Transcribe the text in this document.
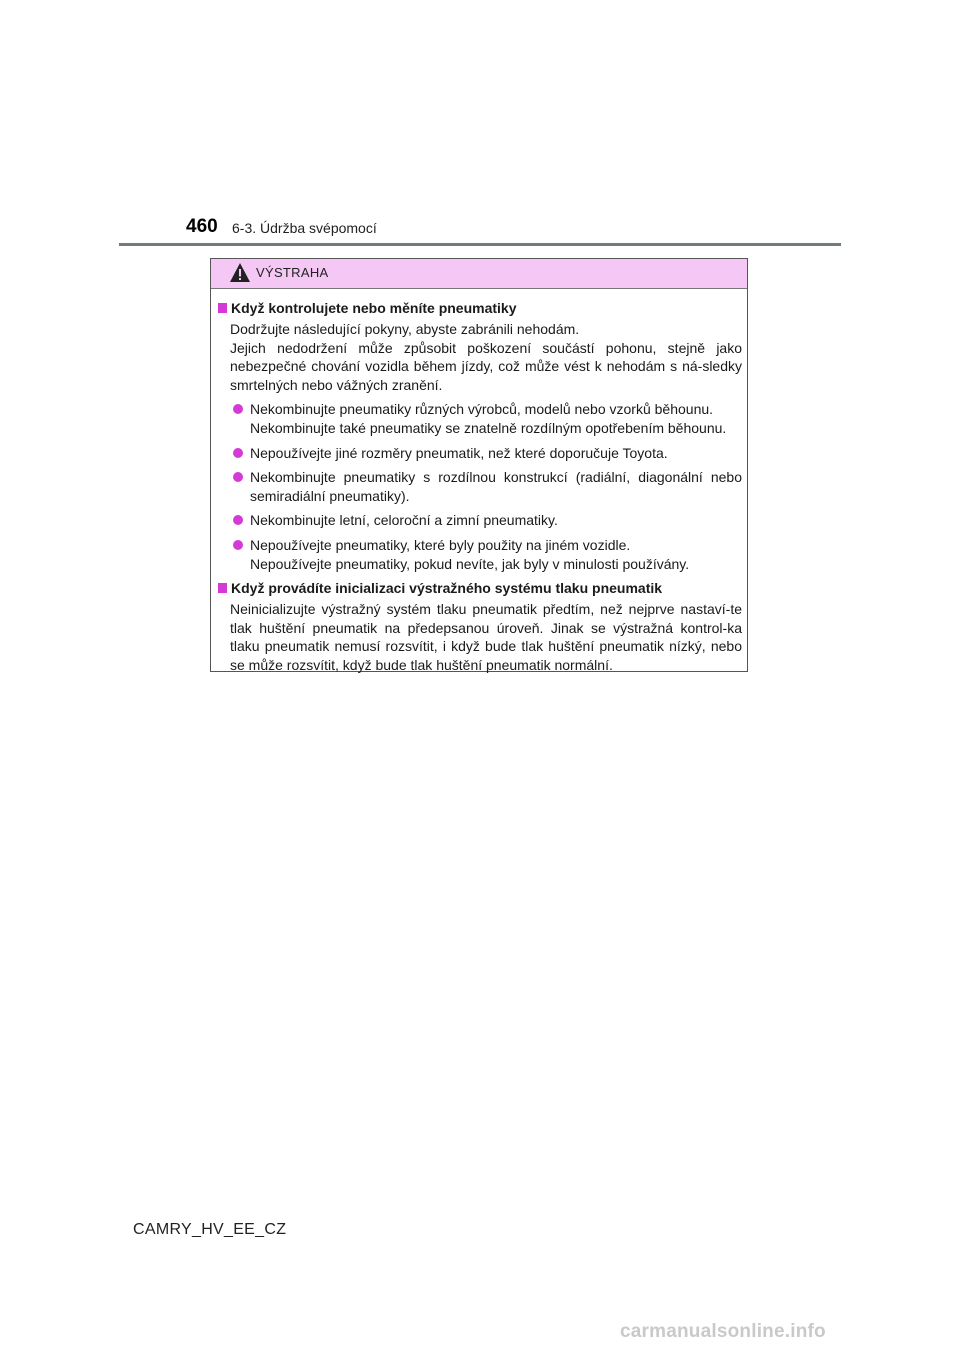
460 6-3. Údržba svépomocí
VÝSTRAHA
Když kontrolujete nebo měníte pneumatiky
Dodržujte následující pokyny, abyste zabránili nehodám.
Jejich nedodržení může způsobit poškození součástí pohonu, stejně jako nebezpečné chování vozidla během jízdy, což může vést k nehodám s ná-sledky smrtelných nebo vážných zranění.
Nekombinujte pneumatiky různých výrobců, modelů nebo vzorků běhounu.
Nekombinujte také pneumatiky se znatelně rozdílným opotřebením běhounu.
Nepoužívejte jiné rozměry pneumatik, než které doporučuje Toyota.
Nekombinujte pneumatiky s rozdílnou konstrukcí (radiální, diagonální nebo semiradiální pneumatiky).
Nekombinujte letní, celoroční a zimní pneumatiky.
Nepoužívejte pneumatiky, které byly použity na jiném vozidle.
Nepoužívejte pneumatiky, pokud nevíte, jak byly v minulosti používány.
Když provádíte inicializaci výstražného systému tlaku pneumatik
Neinicializujte výstražný systém tlaku pneumatik předtím, než nejprve nastaví-te tlak huštění pneumatik na předepsanou úroveň. Jinak se výstražná kontrol-ka tlaku pneumatik nemusí rozsvítit, i když bude tlak huštění pneumatik nízký, nebo se může rozsvítit, když bude tlak huštění pneumatik normální.
CAMRY_HV_EE_CZ
carmanualsonline.info
